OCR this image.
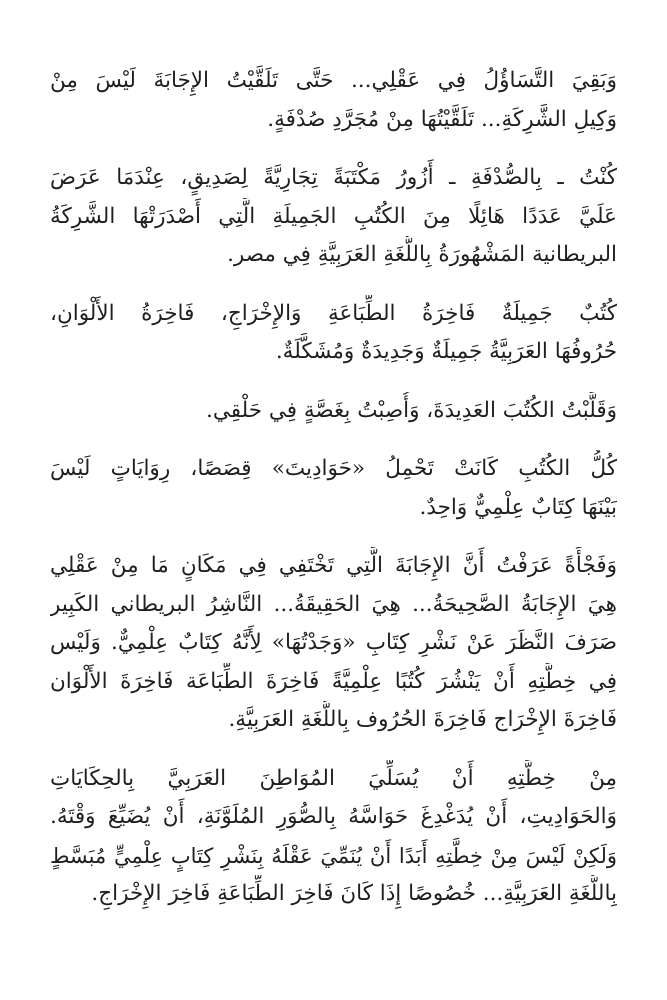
وَبَقِيَ التَّسَاؤُلُ فِي عَقْلِي... حَتَّى تَلَقَّيْتُ الإِجَابَةَ لَيْسَ مِنْ
وَكِيلِ الشَّرِكَةِ... تَلَقَّيْتُهَا مِنْ مُجَرَّدِ صُدْفَةٍ.

كُنْتُ ـ بِالصُّدْفَةِ ـ أَزُورُ مَكْتَبَةً تِجَارِيَّةً لِصَدِيقٍ، عِنْدَمَا عَرَضَ
عَلَيَّ عَدَدًا هَائِلًا مِنَ الكُتُبِ الجَمِيلَةِ الَّتِي أَصْدَرَتْهَا الشَّرِكَةُ
البريطانية المَشْهُورَةُ بِاللُّغَةِ العَرَبِيَّةِ فِي مصر.

كُتُبٌ جَمِيلَةٌ فَاخِرَةُ الطِّبَاعَةِ وَالإِخْرَاجِ، فَاخِرَةُ الأَلْوَانِ،
حُرُوفُهَا العَرَبِيَّةُ جَمِيلَةٌ وَجَدِيدَةٌ وَمُشَكَّلَةٌ.

وَقَلَّبْتُ الكُتُبَ العَدِيدَةَ، وَأُصِبْتُ بِغَصَّةٍ فِي حَلْقِي.

كُلُّ الكُتُبِ كَانَتْ تَحْمِلُ «حَوَادِيتَ» قِصَصًا، رِوَايَاتٍ لَيْسَ
بَيْنَهَا كِتَابٌ عِلْمِيٌّ وَاحِدٌ.

وَفَجْأَةً عَرَفْتُ أَنَّ الإِجَابَةَ الَّتِي تَخْتَفِي فِي مَكَانٍ مَا مِنْ عَقْلِي
هِيَ الإِجَابَةُ الصَّحِيحَةُ... هِيَ الحَقِيقَةُ... النَّاشِرُ البريطاني الكَبِير
صَرَفَ النَّظَرَ عَنْ نَشْرِ كِتَابِ «وَجَدْتُهَا» لِأَنَّهُ كِتَابٌ عِلْمِيٌّ. وَلَيْس
فِي خِطَّتِهِ أَنْ يَنْشُرَ كُتُبًا عِلْمِيَّةً فَاخِرَةَ الطِّبَاعَة فَاخِرَةَ الأَلْوَان
فَاخِرَةَ الإِخْرَاج فَاخِرَةَ الحُرُوف بِاللُّغَةِ العَرَبِيَّةِ.

مِنْ خِطَّتِهِ أَنْ يُسَلِّيَ المُوَاطِنَ العَرَبِيَّ بِالحِكَايَاتِ
وَالحَوَادِيتِ، أَنْ يُدَغْدِغَ حَوَاسَّهُ بِالصُّوَرِ المُلَوَّنَةِ، أَنْ يُضَيِّعَ وَقْتَهُ.
وَلَكِنْ لَيْسَ مِنْ خِطَّتِهِ أَبَدًا أَنْ يُنَمِّيَ عَقْلَهُ بِنَشْرِ كِتَابٍ عِلْمِيٍّ مُبَسَّطٍ
بِاللُّغَةِ العَرَبِيَّةِ... خُصُوصًا إِذَا كَانَ فَاخِرَ الطِّبَاعَةِ فَاخِرَ الإِخْرَاجِ.
